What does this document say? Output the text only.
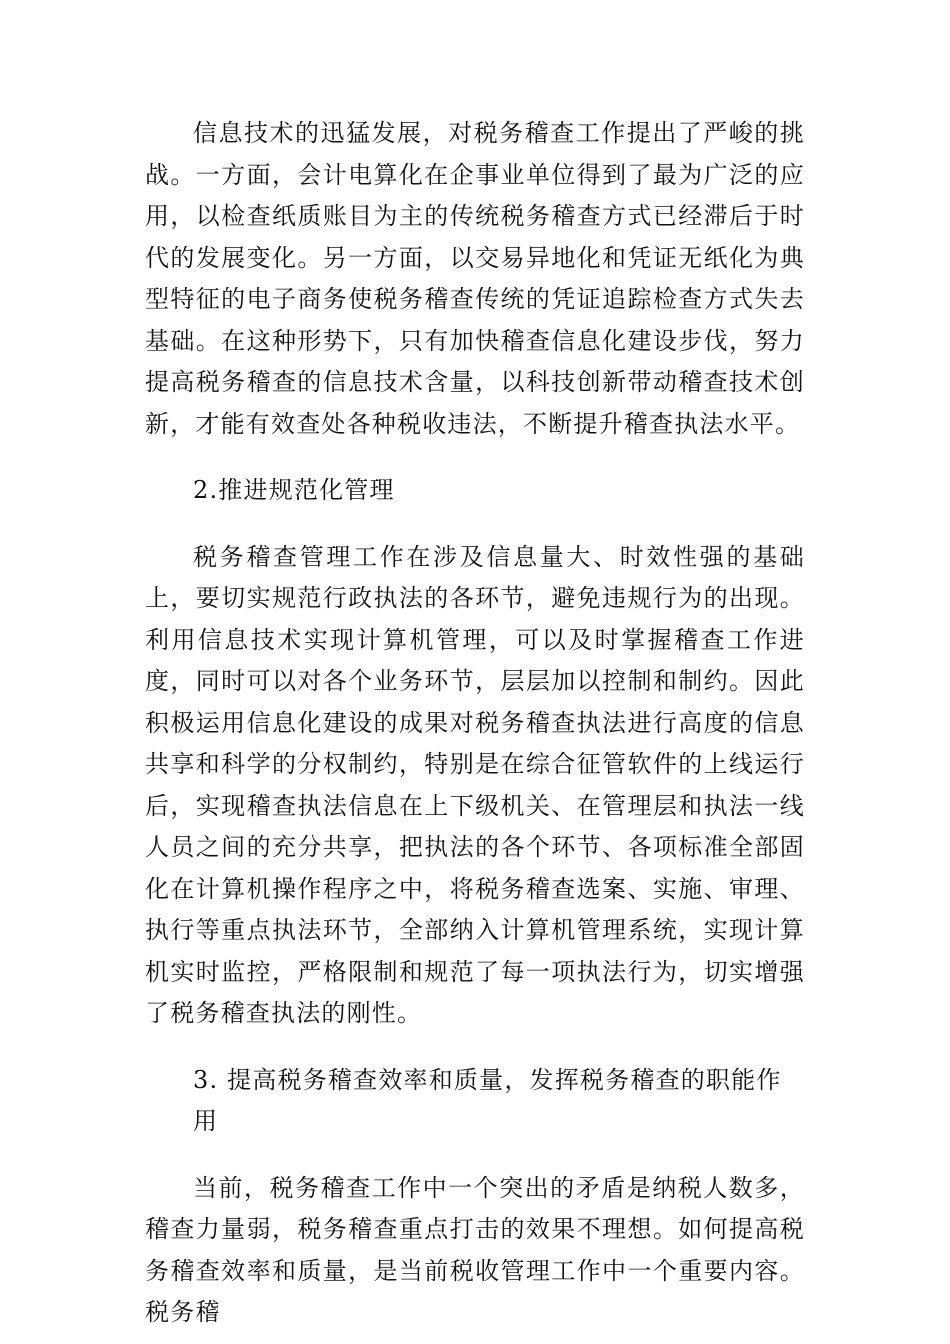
信息技术的迅猛发展，对税务稽查工作提出了严峻的挑战。一方面，会计电算化在企事业单位得到了最为广泛的应用，以检查纸质账目为主的传统税务稽查方式已经滞后于时代的发展变化。另一方面，以交易异地化和凭证无纸化为典型特征的电子商务使税务稽查传统的凭证追踪检查方式失去基础。在这种形势下，只有加快稽查信息化建设步伐，努力提高税务稽查的信息技术含量，以科技创新带动稽查技术创新，才能有效查处各种税收违法，不断提升稽查执法水平。

2.推进规范化管理

税务稽查管理工作在涉及信息量大、时效性强的基础上，要切实规范行政执法的各环节，避免违规行为的出现。利用信息技术实现计算机管理，可以及时掌握稽查工作进度，同时可以对各个业务环节，层层加以控制和制约。因此积极运用信息化建设的成果对税务稽查执法进行高度的信息共享和科学的分权制约，特别是在综合征管软件的上线运行后，实现稽查执法信息在上下级机关、在管理层和执法一线人员之间的充分共享，把执法的各个环节、各项标准全部固化在计算机操作程序之中，将税务稽查选案、实施、审理、执行等重点执法环节，全部纳入计算机管理系统，实现计算机实时监控，严格限制和规范了每一项执法行为，切实增强了税务稽查执法的刚性。

3. 提高税务稽查效率和质量，发挥税务稽查的职能作用

当前，税务稽查工作中一个突出的矛盾是纳税人数多，稽查力量弱，税务稽查重点打击的效果不理想。如何提高税务稽查效率和质量，是当前税收管理工作中一个重要内容。税务稽
